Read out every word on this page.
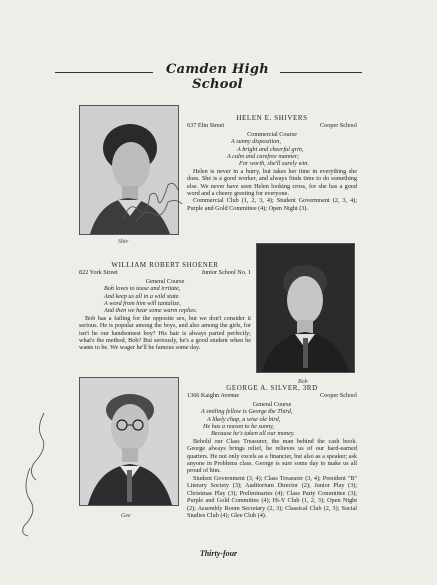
Camden High School
Shiv
HELEN E. SHIVERS
637 Elm Street	Cooper School
Commercial Course
A sunny disposition,
A bright and cheerful grin,
A calm and carefree manner;
For worth, she'll surely win.

Helen is never in a hurry, but takes her time in everything she does. She is a good worker, and always finds time to do something else. We never have seen Helen looking cross, for she has a good word and a cheery greeting for everyone.

Commercial Club (1, 2, 3, 4); Student Government (2, 3, 4); Purple and Gold Committee (4); Open Night (3).

WILLIAM ROBERT SHOENER
822 York Street	Junior School No. 1
General Course
Bob loves to tease and irritate,
And keep us all in a wild state.
A word from him will tantalize,
And then we hear some warm replies.

Bob has a failing for the opposite sex, but we don't consider it serious. He is popular among the boys, and also among the girls, for isn't he our handsomest boy? His hair is always parted perfectly; what's the method, Bob? But seriously, he's a good student when he wants to be. We wager he'll be famous some day.

Bob
Gee
GEORGE A. SILVER, 3RD
1366 Kaighn Avenue	Cooper School
General Course
A smiling fellow is George the Third,
A likely chap, a wise ole bird,
He has a reason to be sunny,
Because he's taken all our money.

Behold our Class Treasurer, the man behind the cash book. George always brings relief, he relieves us of our hard-earned quarters. He not only excels as a financier, but also as a speaker; ask anyone in Problems class. George is sure some day to make us all proud of him.

Student Government (3, 4); Class Treasurer (3, 4); President "B" Literary Society (3); Auditorium Director (2); Junior Play (3); Christmas Play (3); Preliminaries (4); Class Party Committee (3); Purple and Gold Committee (4); Hi-Y Club (1, 2, 3); Open Night (2); Assembly Room Secretary (2, 3); Classical Club (2, 3); Social Studies Club (4); Glee Club (4).

Thirty-four
